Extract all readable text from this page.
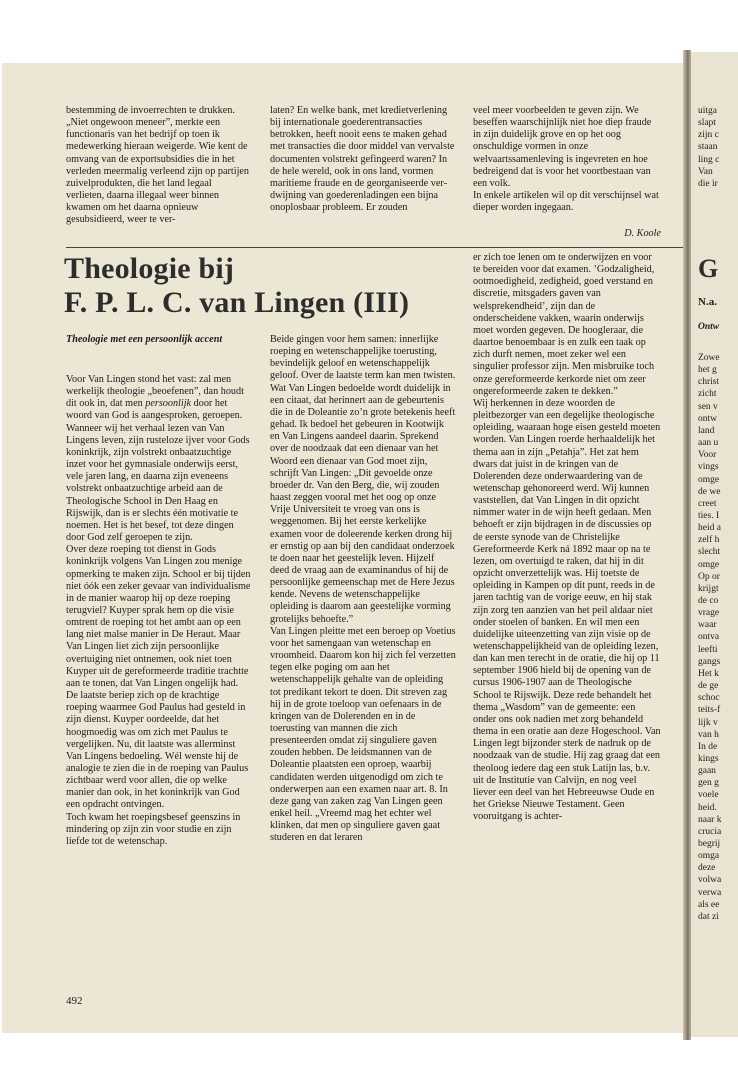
bestemming de invoerrechten te drukken. „Niet ongewoon meneer”, merkte een functionaris van het bedrijf op toen ik medewerking hieraan weigerde. Wie kent de omvang van de exportsubsidies die in het verleden meermalig verleend zijn op partijen zuivelprodukten, die het land legaal verlieten, daarna illegaal weer binnen kwamen om het daarna opnieuw gesubsidieerd, weer te ver-

laten? En welke bank, met kredietverlening bij internationale goederentransacties betrokken, heeft nooit eens te maken gehad met transacties die door middel van vervalste documenten volstrekt gefingeerd waren? In de hele wereld, ook in ons land, vormen maritieme fraude en de georganiseerde verdwijning van goederenladingen een bijna onoplosbaar probleem. Er zouden

veel meer voorbeelden te geven zijn. We beseffen waarschijnlijk niet hoe diep fraude in zijn duidelijk grove en op het oog onschuldige vormen in onze welvaartssamenleving is ingevreten en hoe bedreigend dat is voor het voortbestaan van een volk.
In enkele artikelen wil op dit verschijnsel wat dieper worden ingegaan.

D. Koole
Theologie bij
F. P. L. C. van Lingen (III)

Theologie met een persoonlijk accent

Voor Van Lingen stond het vast: zal men werkelijk theologie „beoefenen”, dan houdt dit ook in, dat men persoonlijk door het woord van God is aangesproken, geroepen. Wanneer wij het verhaal lezen van Van Lingens leven, zijn rusteloze ijver voor Gods koninkrijk, zijn volstrekt onbaatzuchtige inzet voor het gymnasiale onderwijs eerst, vele jaren lang, en daarna zijn eveneens volstrekt onbaatzuchtige arbeid aan de Theologische School in Den Haag en Rijswijk, dan is er slechts één motivatie te noemen. Het is het besef, tot deze dingen door God zelf geroepen te zijn.

Over deze roeping tot dienst in Gods koninkrijk volgens Van Lingen zou menige opmerking te maken zijn. School er bij tijden niet óók een zeker gevaar van individualisme in de manier waarop hij op deze roeping terugviel? Kuyper sprak hem op die visie omtrent de roeping tot het ambt aan op een lang niet malse manier in De Heraut. Maar Van Lingen liet zich zijn persoonlijke overtuiging niet ontnemen, ook niet toen Kuyper uit de gereformeerde traditie trachtte aan te tonen, dat Van Lingen ongelijk had. De laatste beriep zich op de krachtige roeping waarmee God Paulus had gesteld in zijn dienst. Kuyper oordeelde, dat het hoogmoedig was om zich met Paulus te vergelijken. Nu, dit laatste was allerminst Van Lingens bedoeling. Wél wenste hij de analogie te zien die in de roeping van Paulus zichtbaar werd voor allen, die op welke manier dan ook, in het koninkrijk van God een opdracht ontvingen.

Toch kwam het roepingsbesef geenszins in mindering op zijn zin voor studie en zijn liefde tot de wetenschap.

Beide gingen voor hem samen: innerlijke roeping en wetenschappelijke toerusting, bevindelijk geloof en wetenschappelijk geloof. Over de laatste term kan men twisten. Wat Van Lingen bedoelde wordt duidelijk in een citaat, dat herinnert aan de gebeurtenis die in de Doleantie zo’n grote betekenis heeft gehad. Ik bedoel het gebeuren in Kootwijk en Van Lingens aandeel daarin. Sprekend over de noodzaak dat een dienaar van het Woord een dienaar van God moet zijn, schrijft Van Lingen: „Dit gevoelde onze broeder dr. Van den Berg, die, wij zouden haast zeggen vooral met het oog op onze Vrije Universiteit te vroeg van ons is weggenomen. Bij het eerste kerkelijke examen voor de doleerende kerken drong hij er ernstig op aan bij den candidaat onderzoek te doen naar het geestelijk leven. Hijzelf deed de vraag aan de examinandus of hij de persoonlijke gemeenschap met de Here Jezus kende. Nevens de wetenschappelijke opleiding is daarom aan geestelijke vorming grotelijks behoefte.”

Van Lingen pleitte met een beroep op Voetius voor het samengaan van wetenschap en vroomheid. Daarom kon hij zich fel verzetten tegen elke poging om aan het wetenschappelijk gehalte van de opleiding tot predikant tekort te doen. Dit streven zag hij in de grote toeloop van oefenaars in de kringen van de Dolerenden en in de toerusting van mannen die zich presenteerden omdat zij singuliere gaven zouden hebben. De leidsmannen van de Doleantie plaatsten een oproep, waarbij candidaten werden uitgenodigd om zich te onderwerpen aan een examen naar art. 8. In deze gang van zaken zag Van Lingen geen enkel heil. „Vreemd mag het echter wel klinken, dat men op singuliere gaven gaat studeren en dat leraren

er zich toe lenen om te onderwijzen en voor te bereiden voor dat examen. ’Godzaligheid, ootmoedigheid, zedigheid, goed verstand en discretie, mitsgaders gaven van welsprekendheid’, zijn dan de onderscheidene vakken, waarin onderwijs moet worden gegeven. De hoogleraar, die daartoe benoembaar is en zulk een taak op zich durft nemen, moet zeker wel een singulier professor zijn. Men misbruike toch onze gereformeerde kerkorde niet om zeer ongereformeerde zaken te dekken.”

Wij herkennen in deze woorden de pleitbezorger van een degelijke theologische opleiding, waaraan hoge eisen gesteld moeten worden. Van Lingen roerde herhaaldelijk het thema aan in zijn „Petahja”. Het zat hem dwars dat juist in de kringen van de Dolerenden deze onderwaardering van de wetenschap gehonoreerd werd. Wij kunnen vaststellen, dat Van Lingen in dit opzicht nimmer water in de wijn heeft gedaan. Men behoeft er zijn bijdragen in de discussies op de eerste synode van de Christelijke Gereformeerde Kerk ná 1892 maar op na te lezen, om overtuigd te raken, dat hij in dit opzicht onverzettelijk was. Hij toetste de opleiding in Kampen op dit punt, reeds in de jaren tachtig van de vorige eeuw, en hij stak zijn zorg ten aanzien van het peil aldaar niet onder stoelen of banken. En wil men een duidelijke uiteenzetting van zijn visie op de wetenschappelijkheid van de opleiding lezen, dan kan men terecht in de oratie, die hij op 11 september 1906 hield bij de opening van de cursus 1906-1907 aan de Theologische School te Rijswijk. Deze rede behandelt het thema „Wasdom” van de gemeente: een onder ons ook nadien met zorg behandeld thema in een oratie aan deze Hogeschool. Van Lingen legt bijzonder sterk de nadruk op de noodzaak van de studie. Hij zag graag dat een theoloog iedere dag een stuk Latijn las, b.v. uit de Institutie van Calvijn, en nog veel liever een deel van het Hebreeuwse Oude en het Griekse Nieuwe Testament. Geen vooruitgang is achter-

492
uitga
slapt
zijn c
staan
ling c
Van
die ir
G
N.a.
Ontw
Zowe
het g
christ
zicht
sen v
ontw
land
aan u
Voor
vings
omge
de we
creet
ties. I
heid a
zelf h
slecht
omge
Op or
krijgt
de co
vrage
waar
ontva
leefti
gangs
Het k
de ge
schoc
teits-f
lijk v
van h
In de
kings
gaan
gen g
voele
heid.
naar k
crucia
begrij
omga
deze
volwa
verwa
als ee
dat zi
